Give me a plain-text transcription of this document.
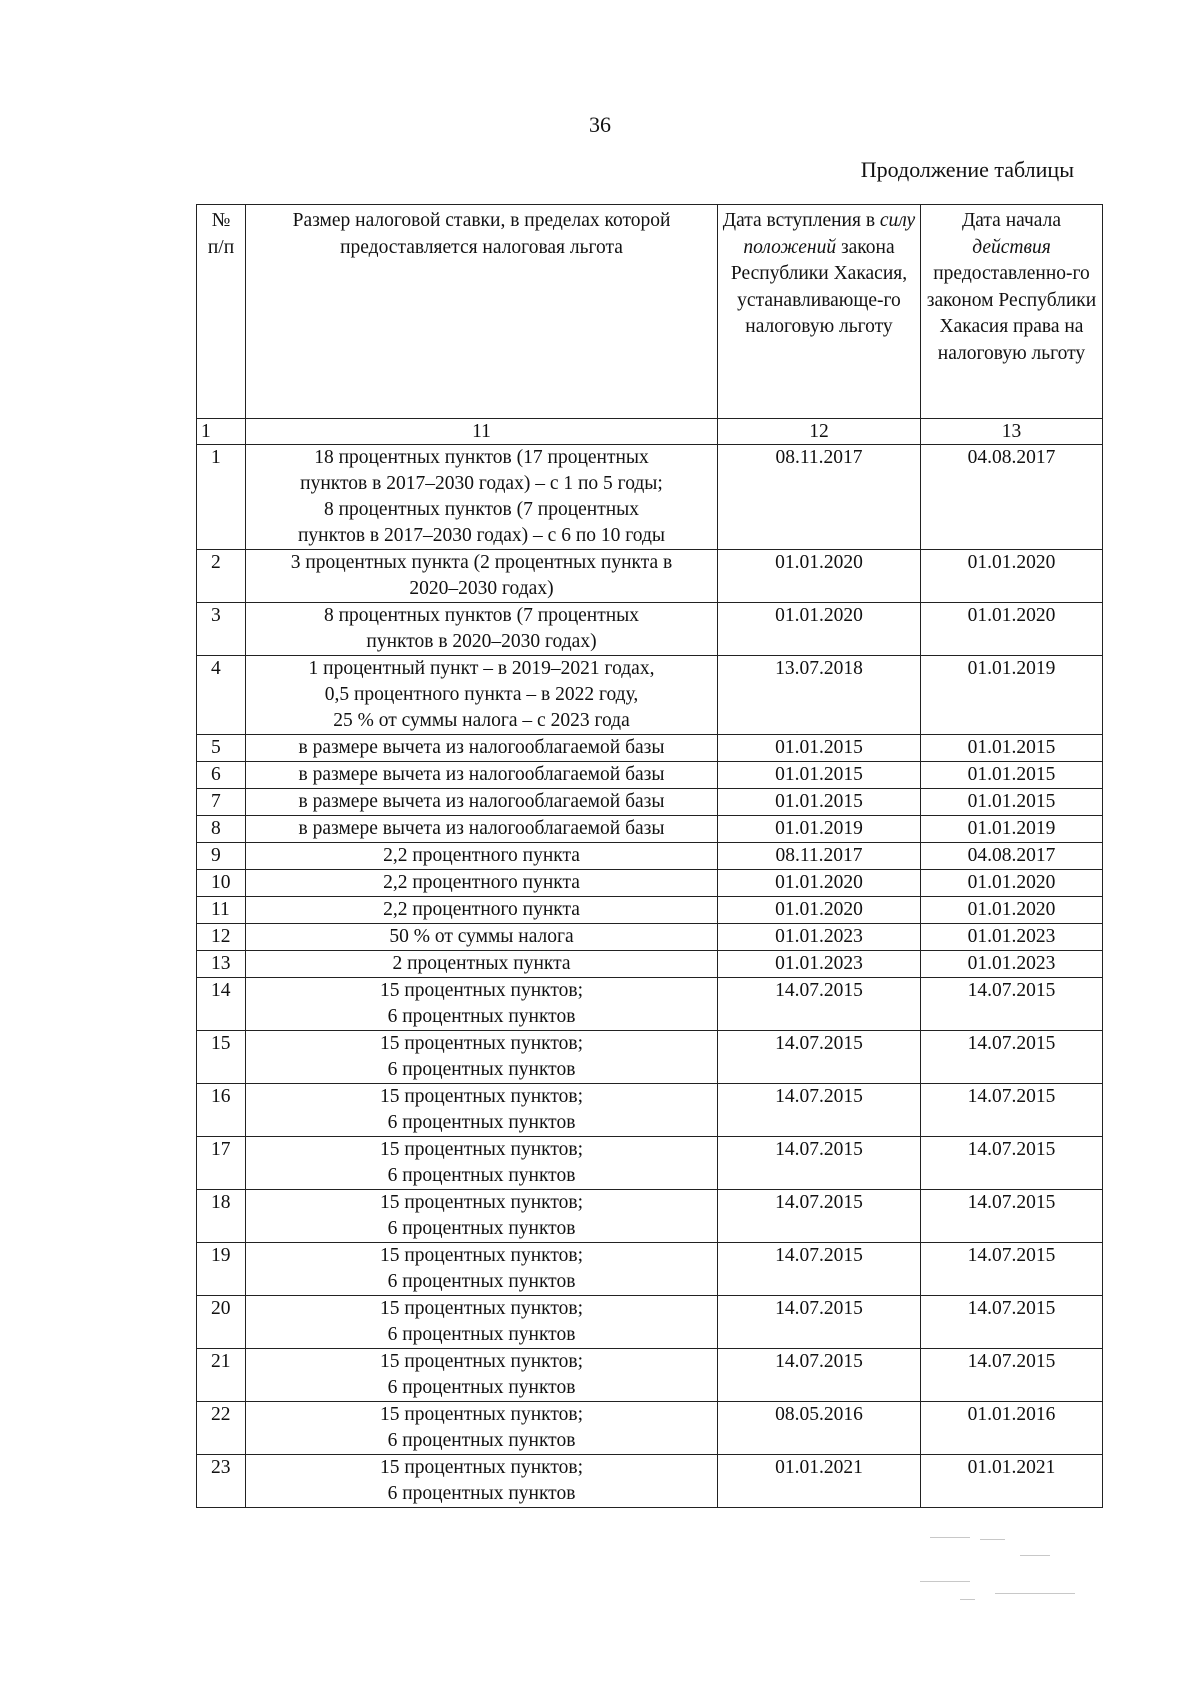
36
Продолжение таблицы
№
п/п	Размер налоговой ставки, в пределах которой предоставляется налоговая льгота	Дата вступления в силу положений закона Республики Хакасия, устанавливающе-го налоговую льготу	Дата начала действия предоставленно-го законом Республики Хакасия права на налоговую льготу
1	11	12	13
1	18 процентных пунктов (17 процентных
пунктов в 2017–2030 годах) – с 1 по 5 годы;
8 процентных пунктов (7 процентных
пунктов в 2017–2030 годах) – с 6 по 10 годы	08.11.2017	04.08.2017
2	3 процентных пункта (2 процентных пункта в
2020–2030 годах)	01.01.2020	01.01.2020
3	8 процентных пунктов (7 процентных
пунктов в 2020–2030 годах)	01.01.2020	01.01.2020
4	1 процентный пункт – в 2019–2021 годах,
0,5 процентного пункта – в 2022 году,
25 % от суммы налога – с 2023 года	13.07.2018	01.01.2019
5	в размере вычета из налогооблагаемой базы	01.01.2015	01.01.2015
6	в размере вычета из налогооблагаемой базы	01.01.2015	01.01.2015
7	в размере вычета из налогооблагаемой базы	01.01.2015	01.01.2015
8	в размере вычета из налогооблагаемой базы	01.01.2019	01.01.2019
9	2,2 процентного пункта	08.11.2017	04.08.2017
10	2,2 процентного пункта	01.01.2020	01.01.2020
11	2,2 процентного пункта	01.01.2020	01.01.2020
12	50 % от суммы налога	01.01.2023	01.01.2023
13	2 процентных пункта	01.01.2023	01.01.2023
14	15 процентных пунктов;
6 процентных пунктов	14.07.2015	14.07.2015
15	15 процентных пунктов;
6 процентных пунктов	14.07.2015	14.07.2015
16	15 процентных пунктов;
6 процентных пунктов	14.07.2015	14.07.2015
17	15 процентных пунктов;
6 процентных пунктов	14.07.2015	14.07.2015
18	15 процентных пунктов;
6 процентных пунктов	14.07.2015	14.07.2015
19	15 процентных пунктов;
6 процентных пунктов	14.07.2015	14.07.2015
20	15 процентных пунктов;
6 процентных пунктов	14.07.2015	14.07.2015
21	15 процентных пунктов;
6 процентных пунктов	14.07.2015	14.07.2015
22	15 процентных пунктов;
6 процентных пунктов	08.05.2016	01.01.2016
23	15 процентных пунктов;
6 процентных пунктов	01.01.2021	01.01.2021
